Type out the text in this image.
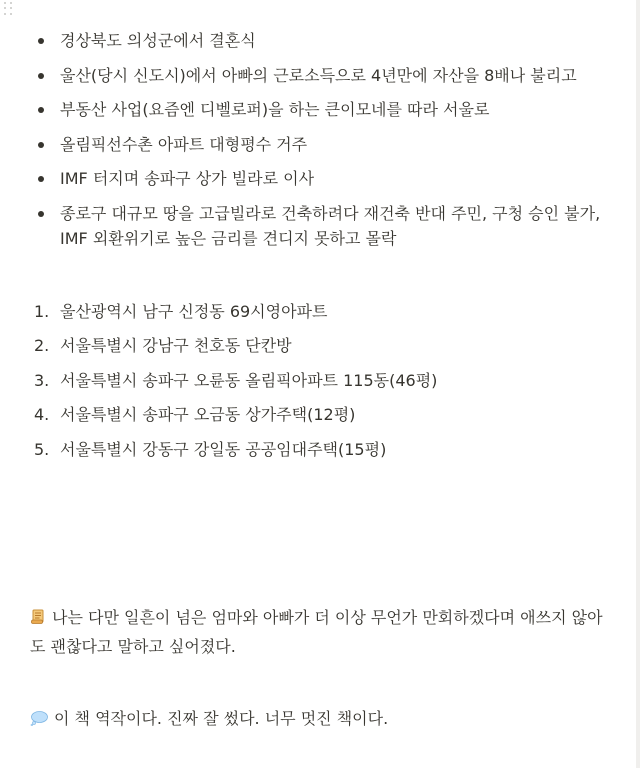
경상북도 의성군에서 결혼식
울산(당시 신도시)에서 아빠의 근로소득으로 4년만에 자산을 8배나 불리고
부동산 사업(요즘엔 디벨로퍼)을 하는 큰이모네를 따라 서울로
올림픽선수촌 아파트 대형평수 거주
IMF 터지며 송파구 상가 빌라로 이사
종로구 대규모 땅을 고급빌라로 건축하려다 재건축 반대 주민, 구청 승인 불가, IMF 외환위기로 높은 금리를 견디지 못하고 몰락
1. 울산광역시 남구 신정동 69시영아파트
2. 서울특별시 강남구 천호동 단칸방
3. 서울특별시 송파구 오륜동 올림픽아파트 115동(46평)
4. 서울특별시 송파구 오금동 상가주택(12평)
5. 서울특별시 강동구 강일동 공공임대주택(15평)
나는 다만 일흔이 넘은 엄마와 아빠가 더 이상 무언가 만회하겠다며 애쓰지 않아도 괜찮다고 말하고 싶어졌다.
이 책 역작이다. 진짜 잘 썼다. 너무 멋진 책이다.
